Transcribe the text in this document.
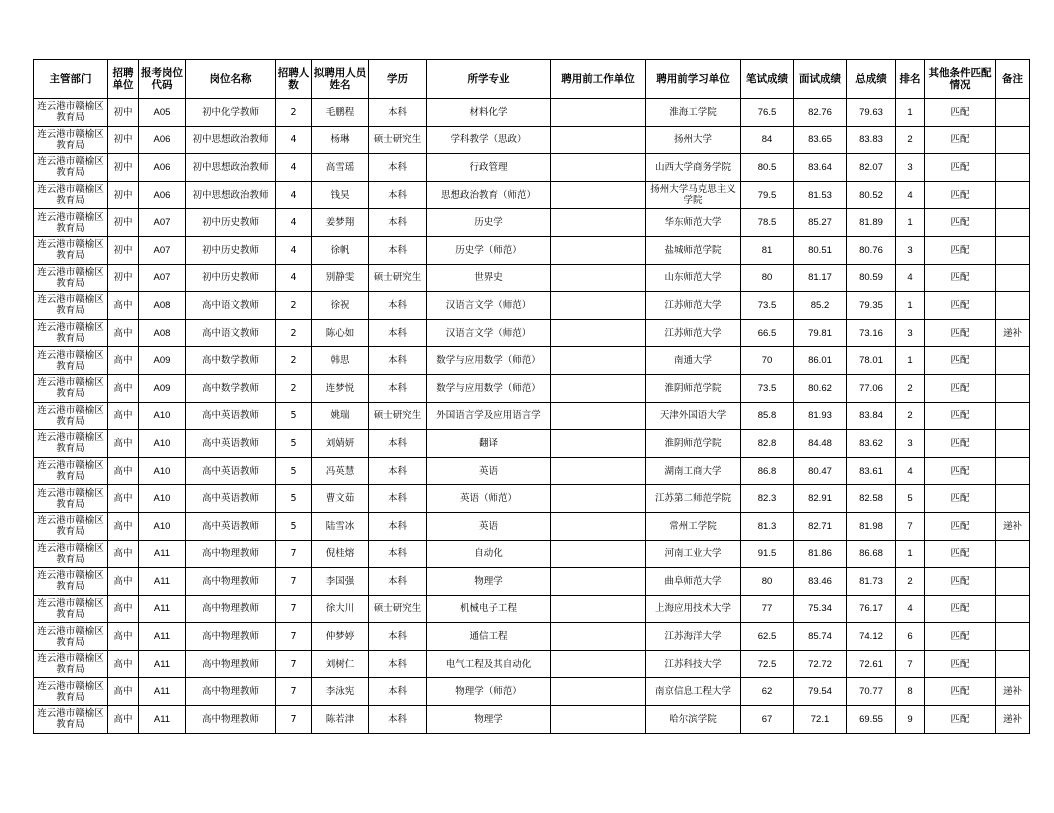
主管部门	招聘单位	报考岗位代码	岗位名称	招聘人数	拟聘用人员姓名	学历	所学专业	聘用前工作单位	聘用前学习单位	笔试成绩	面试成绩	总成绩	排名	其他条件匹配情况	备注
连云港市赣榆区教育局	初中	A05	初中化学教师	2	毛鹏程	本科	材料化学		淮海工学院	76.5	82.76	79.63	1	匹配	
连云港市赣榆区教育局	初中	A06	初中思想政治教师	4	杨琳	硕士研究生	学科教学（思政）		扬州大学	84	83.65	83.83	2	匹配	
连云港市赣榆区教育局	初中	A06	初中思想政治教师	4	高雪瑶	本科	行政管理		山西大学商务学院	80.5	83.64	82.07	3	匹配	
连云港市赣榆区教育局	初中	A06	初中思想政治教师	4	钱昊	本科	思想政治教育（师范）		扬州大学马克思主义学院	79.5	81.53	80.52	4	匹配	
连云港市赣榆区教育局	初中	A07	初中历史教师	4	姜梦翔	本科	历史学		华东师范大学	78.5	85.27	81.89	1	匹配	
连云港市赣榆区教育局	初中	A07	初中历史教师	4	徐帆	本科	历史学（师范）		盐城师范学院	81	80.51	80.76	3	匹配	
连云港市赣榆区教育局	初中	A07	初中历史教师	4	别静雯	硕士研究生	世界史		山东师范大学	80	81.17	80.59	4	匹配	
连云港市赣榆区教育局	高中	A08	高中语文教师	2	徐祝	本科	汉语言文学（师范）		江苏师范大学	73.5	85.2	79.35	1	匹配	
连云港市赣榆区教育局	高中	A08	高中语文教师	2	陈心如	本科	汉语言文学（师范）		江苏师范大学	66.5	79.81	73.16	3	匹配	递补
连云港市赣榆区教育局	高中	A09	高中数学教师	2	韩思	本科	数学与应用数学（师范）		南通大学	70	86.01	78.01	1	匹配	
连云港市赣榆区教育局	高中	A09	高中数学教师	2	连梦悦	本科	数学与应用数学（师范）		淮阴师范学院	73.5	80.62	77.06	2	匹配	
连云港市赣榆区教育局	高中	A10	高中英语教师	5	姚瑞	硕士研究生	外国语言学及应用语言学		天津外国语大学	85.8	81.93	83.84	2	匹配	
连云港市赣榆区教育局	高中	A10	高中英语教师	5	刘婧妍	本科	翻译		淮阴师范学院	82.8	84.48	83.62	3	匹配	
连云港市赣榆区教育局	高中	A10	高中英语教师	5	冯英慧	本科	英语		湖南工商大学	86.8	80.47	83.61	4	匹配	
连云港市赣榆区教育局	高中	A10	高中英语教师	5	曹文茹	本科	英语（师范）		江苏第二师范学院	82.3	82.91	82.58	5	匹配	
连云港市赣榆区教育局	高中	A10	高中英语教师	5	陆雪冰	本科	英语		常州工学院	81.3	82.71	81.98	7	匹配	递补
连云港市赣榆区教育局	高中	A11	高中物理教师	7	倪桂熔	本科	自动化		河南工业大学	91.5	81.86	86.68	1	匹配	
连云港市赣榆区教育局	高中	A11	高中物理教师	7	李国强	本科	物理学		曲阜师范大学	80	83.46	81.73	2	匹配	
连云港市赣榆区教育局	高中	A11	高中物理教师	7	徐大川	硕士研究生	机械电子工程		上海应用技术大学	77	75.34	76.17	4	匹配	
连云港市赣榆区教育局	高中	A11	高中物理教师	7	仲梦婷	本科	通信工程		江苏海洋大学	62.5	85.74	74.12	6	匹配	
连云港市赣榆区教育局	高中	A11	高中物理教师	7	刘树仁	本科	电气工程及其自动化		江苏科技大学	72.5	72.72	72.61	7	匹配	
连云港市赣榆区教育局	高中	A11	高中物理教师	7	李泳宪	本科	物理学（师范）		南京信息工程大学	62	79.54	70.77	8	匹配	递补
连云港市赣榆区教育局	高中	A11	高中物理教师	7	陈若津	本科	物理学		哈尔滨学院	67	72.1	69.55	9	匹配	递补
